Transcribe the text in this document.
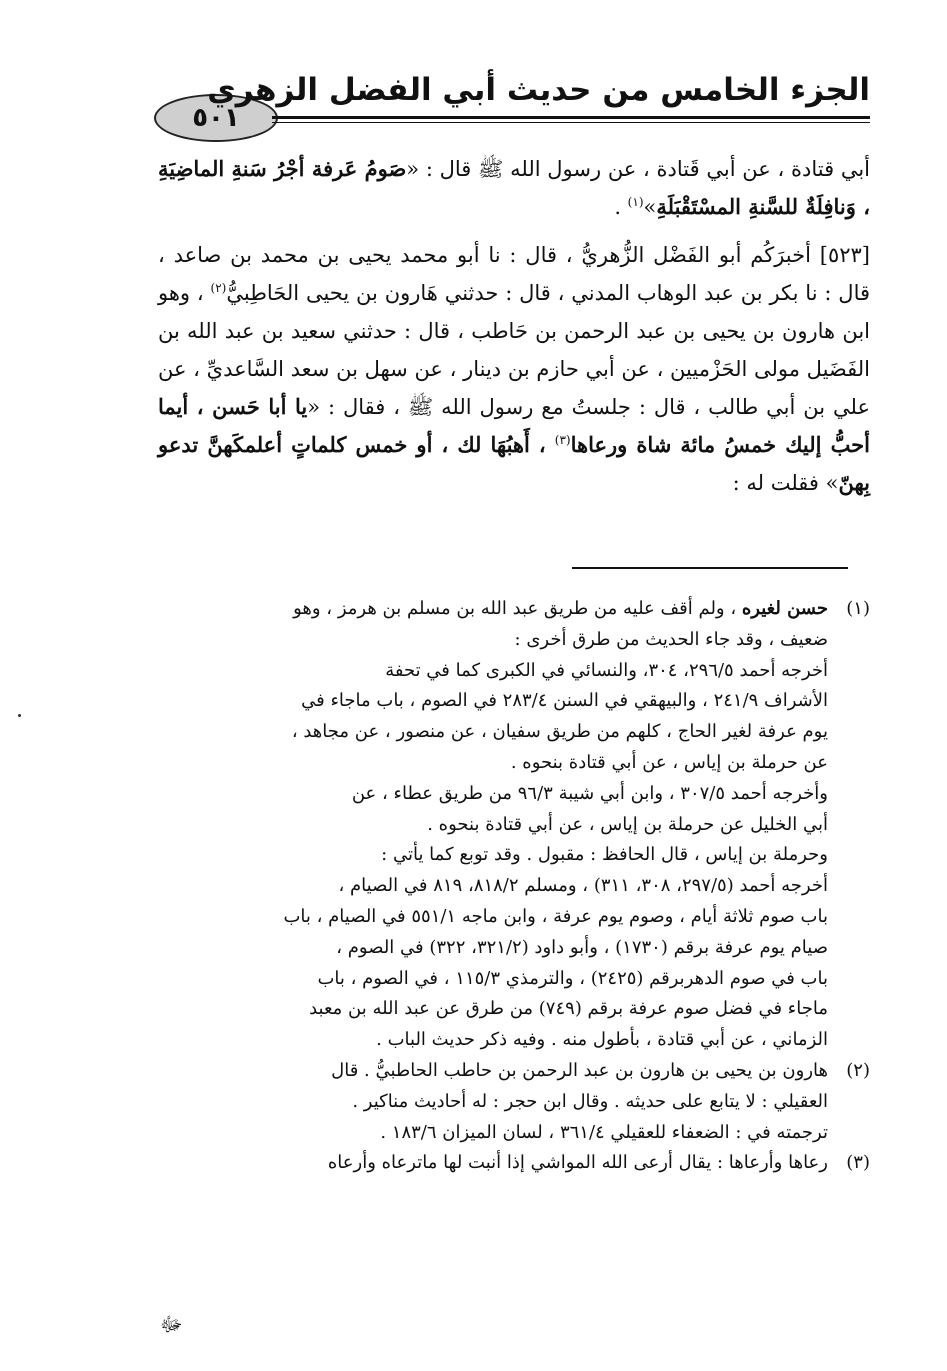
٥٠١
الجزء الخامس من حديث أبي الفضل الزهري

أبي قتادة ، عن أبي قَتادة ، عن رسول الله ﷺ قال : «صَومُ عَرفة أجْرُ سَنةِ الماضِيَةِ ، وَنافِلَةٌ للسَّنةِ المسْتَقْبَلَةِ»$^{(١)}$ .

[٥٢٣] أخبرَكُم أبو الفَضْل الزُّهريُّ ، قال : نا أبو محمد يحيى بن محمد بن صاعد ، قال : نا بكر بن عبد الوهاب المدني ، قال : حدثني هَارون بن يحيى الحَاطِبيُّ$^{(٢)}$ ، وهو ابن هارون بن يحيى بن عبد الرحمن بن حَاطب ، قال : حدثني سعيد بن عبد الله بن الفَضَيل مولى الحَزْميين ، عن أبي حازم بن دينار ، عن سهل بن سعد السَّاعديِّ ، عن علي بن أبي طالب ، قال : جلستُ مع رسول الله ﷺ ، فقال : «يا أبا حَسن ، أيما أحبُّ إليك خمسُ مائة شاة ورعاها$^{(٣)}$ ، أَهبُهَا لك ، أو خمس كلماتٍ أعلمكَهنَّ تدعو بِهنّ» فقلت له :

(١)
حسن لغيره ، ولم أقف عليه من طريق عبد الله بن مسلم بن هرمز ، وهو
ضعيف ، وقد جاء الحديث من طرق أخرى :
أخرجه أحمد ٢٩٦/٥، ٣٠٤، والنسائي في الكبرى كما في تحفة
الأشراف ٢٤١/٩ ، والبيهقي في السنن ٢٨٣/٤ في الصوم ، باب ماجاء في
يوم عرفة لغير الحاج ، كلهم من طريق سفيان ، عن منصور ، عن مجاهد ،
عن حرملة بن إياس ، عن أبي قتادة بنحوه .
وأخرجه أحمد ٣٠٧/٥ ، وابن أبي شيبة ٩٦/٣ من طريق عطاء ، عن
أبي الخليل عن حرملة بن إياس ، عن أبي قتادة بنحوه .
وحرملة بن إياس ، قال الحافظ : مقبول . وقد توبع كما يأتي :
أخرجه أحمد (٢٩٧/٥، ٣٠٨، ٣١١) ، ومسلم ٨١٨/٢، ٨١٩ في الصيام ،
باب صوم ثلاثة أيام ، وصوم يوم عرفة ، وابن ماجه ٥٥١/١ في الصيام ، باب
صيام يوم عرفة برقم (١٧٣٠) ، وأبو داود (٣٢١/٢، ٣٢٢) في الصوم ،
باب في صوم الدهربرقم (٢٤٢٥) ، والترمذي ١١٥/٣ ، في الصوم ، باب
ماجاء في فضل صوم عرفة برقم (٧٤٩) من طرق عن عبد الله بن معبد
الزماني ، عن أبي قتادة ، بأطول منه . وفيه ذكر حديث الباب .
(٢)
هارون بن يحيى بن هارون بن عبد الرحمن بن حاطب الحاطبيُّ . قال
العقيلي : لا يتابع على حديثه . وقال ابن حجر : له أحاديث مناكير .
ترجمته في : الضعفاء للعقيلي ٣٦١/٤ ، لسان الميزان ١٨٣/٦ .
(٣)
رعاها وأرعاها : يقال أرعى الله المواشي إذا أنبت لها ماترعاه وأرعاه
ﷻ
